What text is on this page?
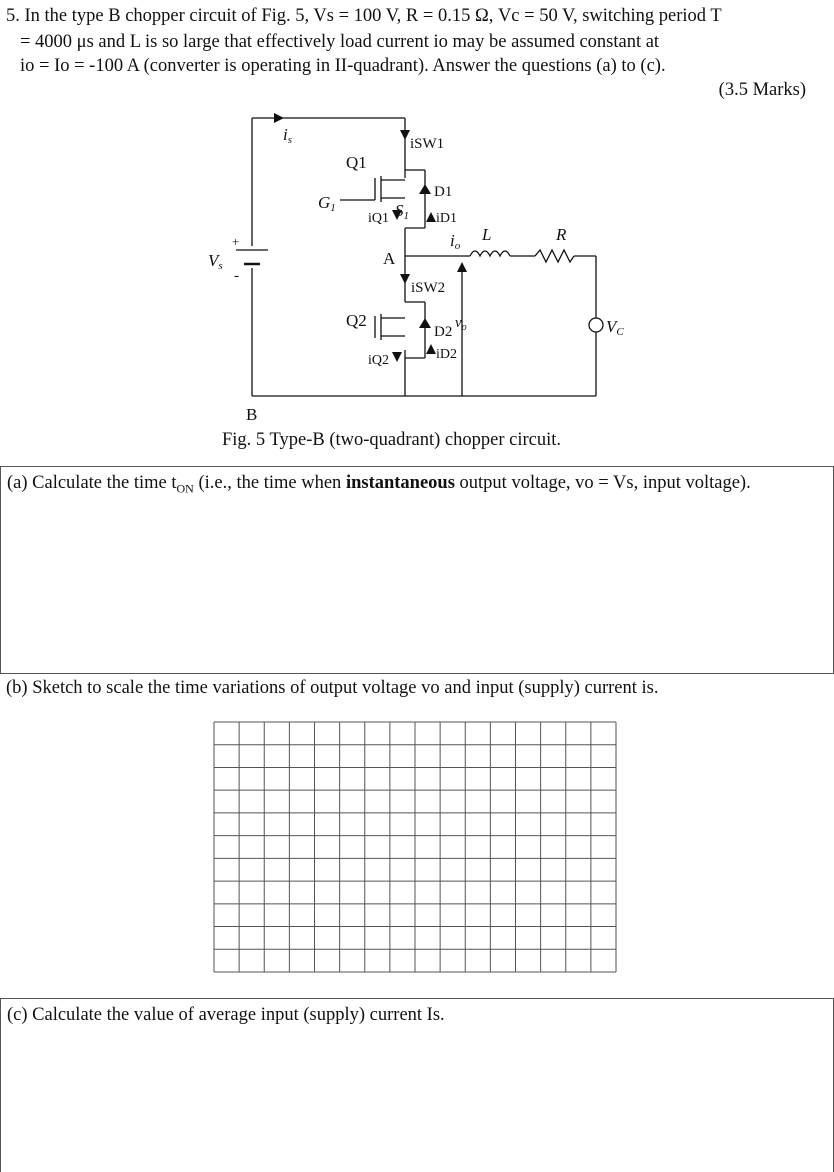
5. In the type B chopper circuit of Fig. 5, Vs = 100 V, R = 0.15 Ω, Vc = 50 V, switching period T
= 4000 μs and L is so large that effectively load current io may be assumed constant at
io = Io = -100 A (converter is operating in II-quadrant). Answer the questions (a) to (c).
(3.5 Marks)
is	iSW1
Q1
D1
G1
iQ1 S1 iD1
io
L	R
+
Vs
-
A
iSW2
$v_o$
Q2
D2	VC
iQ2	iD2
B
Fig. 5 Type-B (two-quadrant) chopper circuit.
(a) Calculate the time $t_{ON}$ (i.e., the time when instantaneous output voltage, vo = Vs, input voltage).
(b) Sketch to scale the time variations of output voltage vo and input (supply) current is.
(c) Calculate the value of average input (supply) current Is.
